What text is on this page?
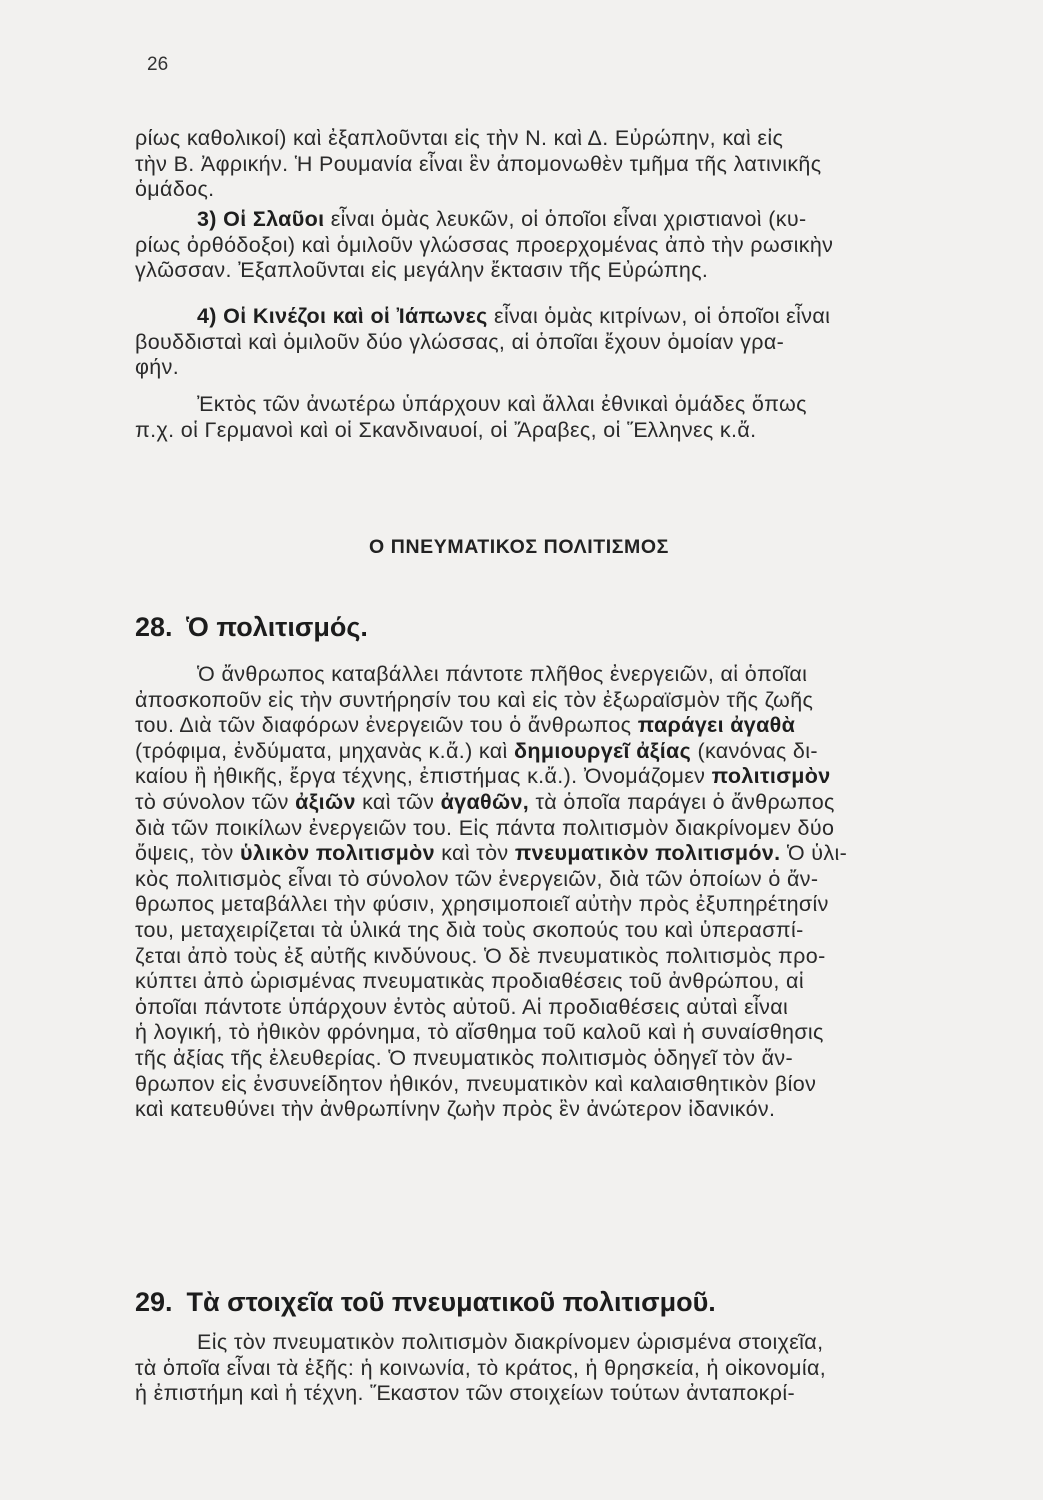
26
ρίως καθολικοί) καὶ ἐξαπλοῦνται εἰς τὴν Ν. καὶ Δ. Εὐρώπην, καὶ εἰς
τὴν Β. Ἀφρικήν. Ἡ Ρουμανία εἶναι ἓν ἀπομονωθὲν τμῆμα τῆς λατινικῆς
ὁμάδος.
3) Οἱ Σλαῦοι εἶναι ὁμὰς λευκῶν, οἱ ὁποῖοι εἶναι χριστιανοὶ (κυ-
ρίως ὀρθόδοξοι) καὶ ὁμιλοῦν γλώσσας προερχομένας ἀπὸ τὴν ρωσικὴν
γλῶσσαν. Ἐξαπλοῦνται εἰς μεγάλην ἔκτασιν τῆς Εὐρώπης.
4) Οἱ Κινέζοι καὶ οἱ Ἰάπωνες εἶναι ὁμὰς κιτρίνων, οἱ ὁποῖοι εἶναι
βουδδισταὶ καὶ ὁμιλοῦν δύο γλώσσας, αἱ ὁποῖαι ἔχουν ὁμοίαν γρα-
φήν.
Ἐκτὸς τῶν ἀνωτέρω ὑπάρχουν καὶ ἄλλαι ἐθνικαὶ ὁμάδες ὅπως
π.χ. οἱ Γερμανοὶ καὶ οἱ Σκανδιναυοί, οἱ Ἄραβες, οἱ Ἕλληνες κ.ἄ.
Ο ΠΝΕΥΜΑΤΙΚΟΣ ΠΟΛΙΤΙΣΜΟΣ
28. Ὁ πολιτισμός.
Ὁ ἄνθρωπος καταβάλλει πάντοτε πλῆθος ἐνεργειῶν, αἱ ὁποῖαι
ἀποσκοποῦν εἰς τὴν συντήρησίν του καὶ εἰς τὸν ἐξωραϊσμὸν τῆς ζωῆς
του. Διὰ τῶν διαφόρων ἐνεργειῶν του ὁ ἄνθρωπος παράγει ἀγαθὰ
(τρόφιμα, ἐνδύματα, μηχανὰς κ.ἄ.) καὶ δημιουργεῖ ἀξίας (κανόνας δι-
καίου ἢ ἠθικῆς, ἔργα τέχνης, ἐπιστήμας κ.ἄ.). Ὀνομάζομεν πολιτισμὸν
τὸ σύνολον τῶν ἀξιῶν καὶ τῶν ἀγαθῶν, τὰ ὁποῖα παράγει ὁ ἄνθρωπος
διὰ τῶν ποικίλων ἐνεργειῶν του. Εἰς πάντα πολιτισμὸν διακρίνομεν δύο
ὄψεις, τὸν ὑλικὸν πολιτισμὸν καὶ τὸν πνευματικὸν πολιτισμόν. Ὁ ὑλι-
κὸς πολιτισμὸς εἶναι τὸ σύνολον τῶν ἐνεργειῶν, διὰ τῶν ὁποίων ὁ ἄν-
θρωπος μεταβάλλει τὴν φύσιν, χρησιμοποιεῖ αὐτὴν πρὸς ἐξυπηρέτησίν
του, μεταχειρίζεται τὰ ὑλικά της διὰ τοὺς σκοπούς του καὶ ὑπερασπί-
ζεται ἀπὸ τοὺς ἐξ αὐτῆς κινδύνους. Ὁ δὲ πνευματικὸς πολιτισμὸς προ-
κύπτει ἀπὸ ὡρισμένας πνευματικὰς προδιαθέσεις τοῦ ἀνθρώπου, αἱ
ὁποῖαι πάντοτε ὑπάρχουν ἐντὸς αὐτοῦ. Αἱ προδιαθέσεις αὐταὶ εἶναι
ἡ λογική, τὸ ἠθικὸν φρόνημα, τὸ αἴσθημα τοῦ καλοῦ καὶ ἡ συναίσθησις
τῆς ἀξίας τῆς ἐλευθερίας. Ὁ πνευματικὸς πολιτισμὸς ὁδηγεῖ τὸν ἄν-
θρωπον εἰς ἐνσυνείδητον ἠθικόν, πνευματικὸν καὶ καλαισθητικὸν βίον
καὶ κατευθύνει τὴν ἀνθρωπίνην ζωὴν πρὸς ἓν ἀνώτερον ἰδανικόν.
29. Τὰ στοιχεῖα τοῦ πνευματικοῦ πολιτισμοῦ.
Εἰς τὸν πνευματικὸν πολιτισμὸν διακρίνομεν ὡρισμένα στοιχεῖα,
τὰ ὁποῖα εἶναι τὰ ἑξῆς: ἡ κοινωνία, τὸ κράτος, ἡ θρησκεία, ἡ οἰκονομία,
ἡ ἐπιστήμη καὶ ἡ τέχνη. Ἕκαστον τῶν στοιχείων τούτων ἀνταποκρί-
